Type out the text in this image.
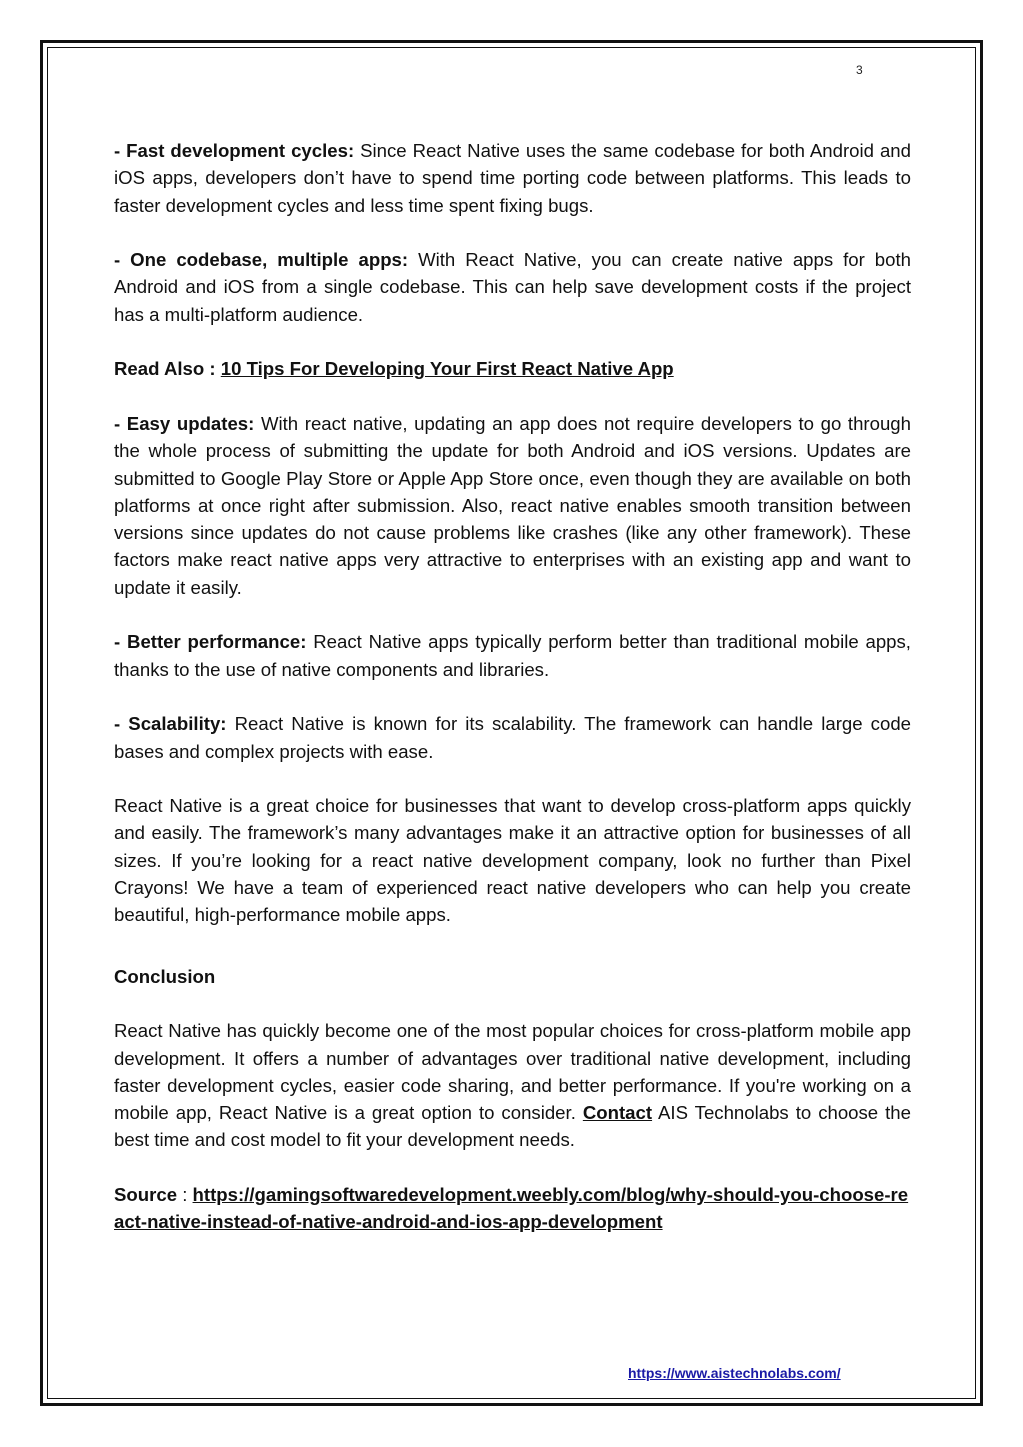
3

- Fast development cycles: Since React Native uses the same codebase for both Android and iOS apps, developers don’t have to spend time porting code between platforms. This leads to faster development cycles and less time spent fixing bugs.

- One codebase, multiple apps: With React Native, you can create native apps for both Android and iOS from a single codebase. This can help save development costs if the project has a multi-platform audience.

Read Also : 10 Tips For Developing Your First React Native App

- Easy updates: With react native, updating an app does not require developers to go through the whole process of submitting the update for both Android and iOS versions. Updates are submitted to Google Play Store or Apple App Store once, even though they are available on both platforms at once right after submission. Also, react native enables smooth transition between versions since updates do not cause problems like crashes (like any other framework). These factors make react native apps very attractive to enterprises with an existing app and want to update it easily.

- Better performance: React Native apps typically perform better than traditional mobile apps, thanks to the use of native components and libraries.

- Scalability: React Native is known for its scalability. The framework can handle large code bases and complex projects with ease.

React Native is a great choice for businesses that want to develop cross-platform apps quickly and easily. The framework’s many advantages make it an attractive option for businesses of all sizes. If you’re looking for a react native development company, look no further than Pixel Crayons! We have a team of experienced react native developers who can help you create beautiful, high-performance mobile apps.

Conclusion

React Native has quickly become one of the most popular choices for cross-platform mobile app development. It offers a number of advantages over traditional native development, including faster development cycles, easier code sharing, and better performance. If you're working on a mobile app, React Native is a great option to consider. Contact AIS Technolabs to choose the best time and cost model to fit your development needs.

Source : https://gamingsoftwaredevelopment.weebly.com/blog/why-should-you-choose-react-native-instead-of-native-android-and-ios-app-development

https://www.aistechnolabs.com/
